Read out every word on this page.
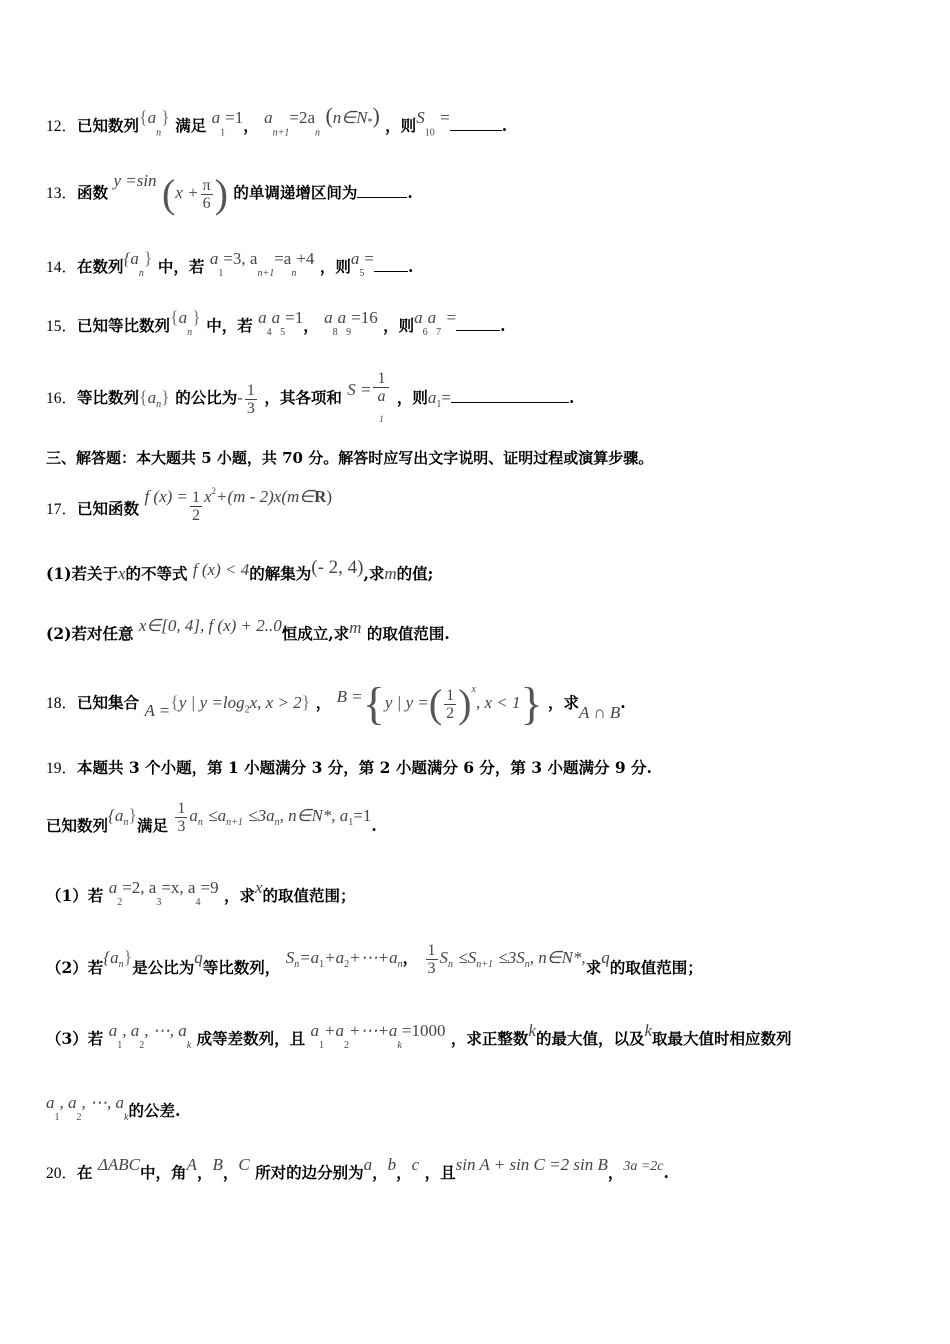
12．已知数列$\{a_n\}$ 满足 $a_1=1$， $a_{n+1}=2a_n$ (n∈N*) ，则$S_{10}$ =	.
13．函数 y =sin ($x + \frac{\pi}{6}$ ) 的单调递增区间为	.
14．在数列$\{a_n\}$ 中，若 $a_1=3$, $a_{n+1}=a_n+4$ ，则$a_5=$ .
15．已知等比数列$\{a_n\}$ 中，若 $a_4a_5=1$， $a_8a_9=16$ ，则$a_6a_7$ =	.
16．等比数列$\{a_n\}$ 的公比为- $\frac{1}{3}$ ，其各项和 S = 1
a
$_1$ ，则$a_1=$	.
三、解答题：本大题共 5 小题，共 70 分。解答时应写出文字说明、证明过程或演算步骤。
17．已知函数 f $(x) = \frac{1}{2} x^2+(m$ - 2)x(m∈R)
(1)若关于x的不等式 f (x) < 4的解集为(- 2, 4),求m的值;
(2)若对任意 x∈[0, 4], f (x) + 2..0恒成立,求m 的取值范围.
18．已知集合 A ={y | $y =\log_2x$, x > 2} ， B ={y | y =( $\frac{1}{2} )^x$, x < 1} ，求A ∩ B.
19．本题共 3 个小题，第 1 小题满分 3 分，第 2 小题满分 6 分，第 3 小题满分 9 分.
已知数列$\{a_n\}$满足 $\frac{1}{3} a_n \le a_{n+1} \le 3a_n$, n∈N*, $a_1=1$.
（1）若 $a_2=2$, $a_3=x$, $a_4=9$ ，求x的取值范围；
（2）若$\{a_n\}$是公比为q等比数列， $S_n=a_1+a_2+\cdots+a_n$， $\frac{1}{3} S_n \le S_{n+1} \le 3S_n$, n∈N*,求q的取值范围；
（3）若 $a_1$, $a_2$, ⋯, $a_k$ 成等差数列，且 $a_1+a_2+\cdots+a_k=1000$ ，求正整数k的最大值，以及k取最大值时相应数列
$a_1$, $a_2$, ⋯, $a_k$的公差.
20．在 ΔABC中，角A，B，C 所对的边分别为a，b，c ，且sin A + sin C =2 sin B，3a =2c.
